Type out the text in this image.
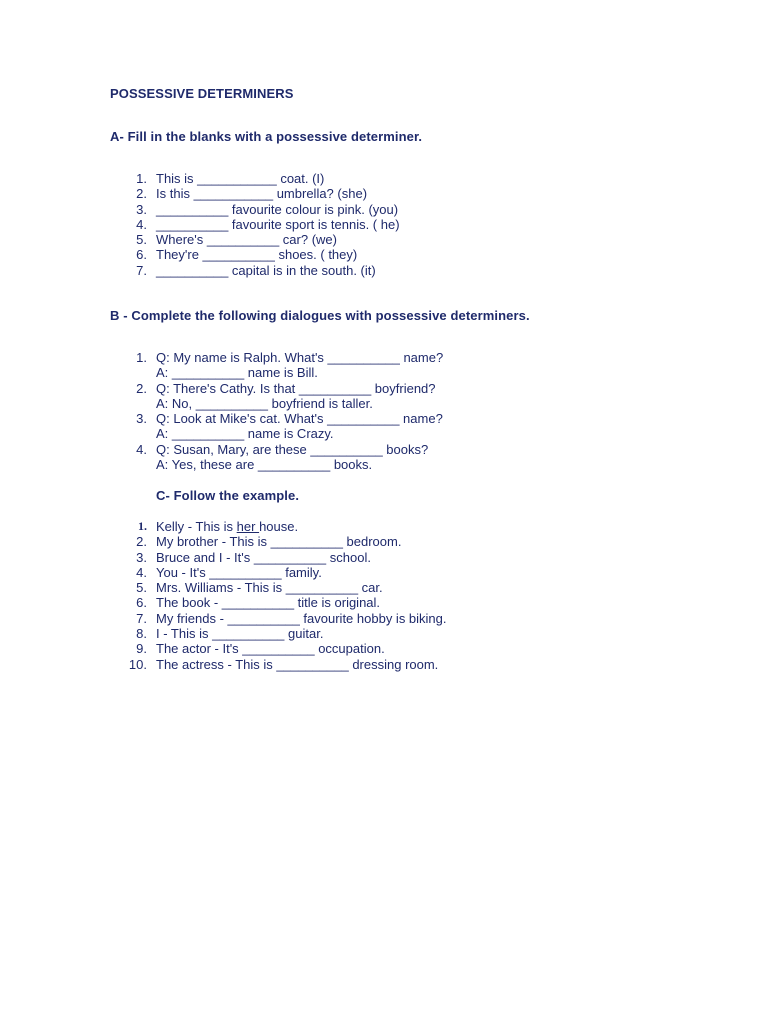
POSSESSIVE DETERMINERS
A- Fill in the blanks with a possessive determiner.
1. This is ___________ coat. (I)
2. Is this ___________ umbrella? (she)
3. __________ favourite colour is pink. (you)
4. __________ favourite sport is tennis. ( he)
5. Where's __________ car? (we)
6. They're __________ shoes. ( they)
7. __________ capital is in the south. (it)
B - Complete the following dialogues with possessive determiners.
1. Q: My name is Ralph. What's __________ name?
A: __________ name is Bill.
2. Q: There's Cathy. Is that __________ boyfriend?
A: No, __________ boyfriend is taller.
3. Q: Look at Mike's cat. What's __________ name?
A: __________ name is Crazy.
4. Q: Susan, Mary, are these __________ books?
A: Yes, these are __________ books.
C- Follow the example.
1. Kelly - This is her house.
2. My brother - This is __________ bedroom.
3. Bruce and I - It's __________ school.
4. You - It's __________ family.
5. Mrs. Williams - This is __________ car.
6. The book - __________ title is original.
7. My friends - __________ favourite hobby is biking.
8. I - This is __________ guitar.
9. The actor - It's __________ occupation.
10. The actress - This is __________ dressing room.
